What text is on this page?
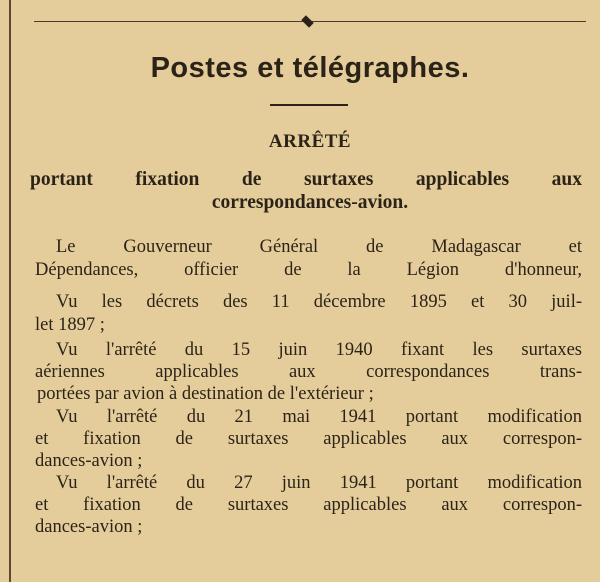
Postes et télégraphes.
ARRÊTÉ
portant fixation de surtaxes applicables aux
correspondances-avion.
Le Gouverneur Général de Madagascar et
Dépendances, officier de la Légion d'honneur,
Vu les décrets des 11 décembre 1895 et 30 juil-
let 1897 ;
Vu l'arrêté du 15 juin 1940 fixant les surtaxes
aériennes applicables aux correspondances trans-
portées par avion à destination de l'extérieur ;
Vu l'arrêté du 21 mai 1941 portant modification
et fixation de surtaxes applicables aux correspon-
dances-avion ;
Vu l'arrêté du 27 juin 1941 portant modification
et fixation de surtaxes applicables aux correspon-
dances-avion ;
